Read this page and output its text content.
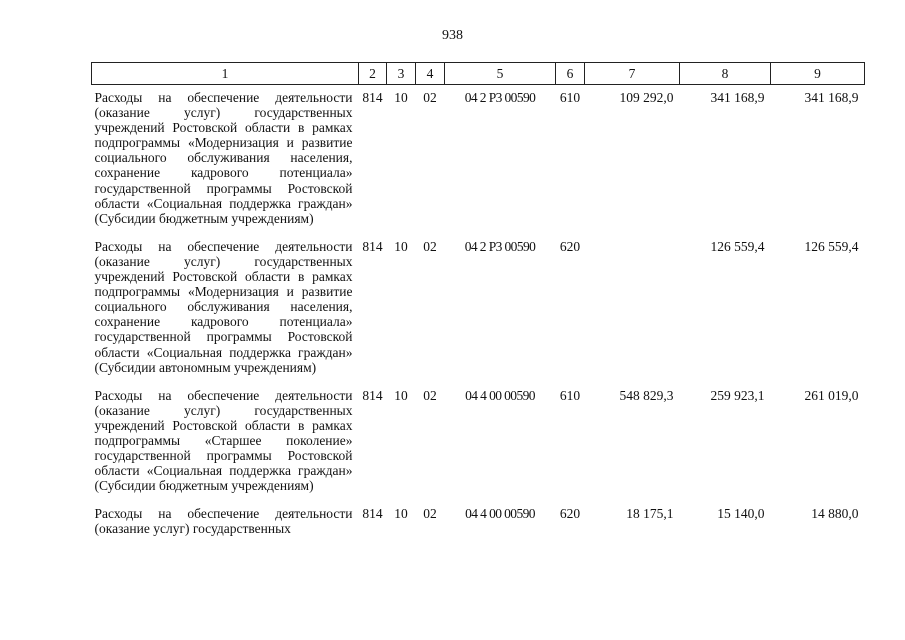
938
1	2	3	4	5	6	7	8	9
Расходы на обеспечение деятельности (оказание услуг) государственных учреждений Ростовской области в рамках подпрограммы «Модернизация и развитие социального обслуживания населения, сохранение кадрового потенциала» государственной программы Ростовской области «Социальная поддержка граждан» (Субсидии бюджетным учреждениям)	814	10	02	04 2 Р3 00590	610	109 292,0	341 168,9	341 168,9
Расходы на обеспечение деятельности (оказание услуг) государственных учреждений Ростовской области в рамках подпрограммы «Модернизация и развитие социального обслуживания населения, сохранение кадрового потенциала» государственной программы Ростовской области «Социальная поддержка граждан» (Субсидии автономным учреждениям)	814	10	02	04 2 Р3 00590	620		126 559,4	126 559,4
Расходы на обеспечение деятельности (оказание услуг) государственных учреждений Ростовской области в рамках подпрограммы «Старшее поколение» государственной программы Ростовской области «Социальная поддержка граждан» (Субсидии бюджетным учреждениям)	814	10	02	04 4 00 00590	610	548 829,3	259 923,1	261 019,0
Расходы на обеспечение деятельности (оказание услуг) государственных	814	10	02	04 4 00 00590	620	18 175,1	15 140,0	14 880,0
